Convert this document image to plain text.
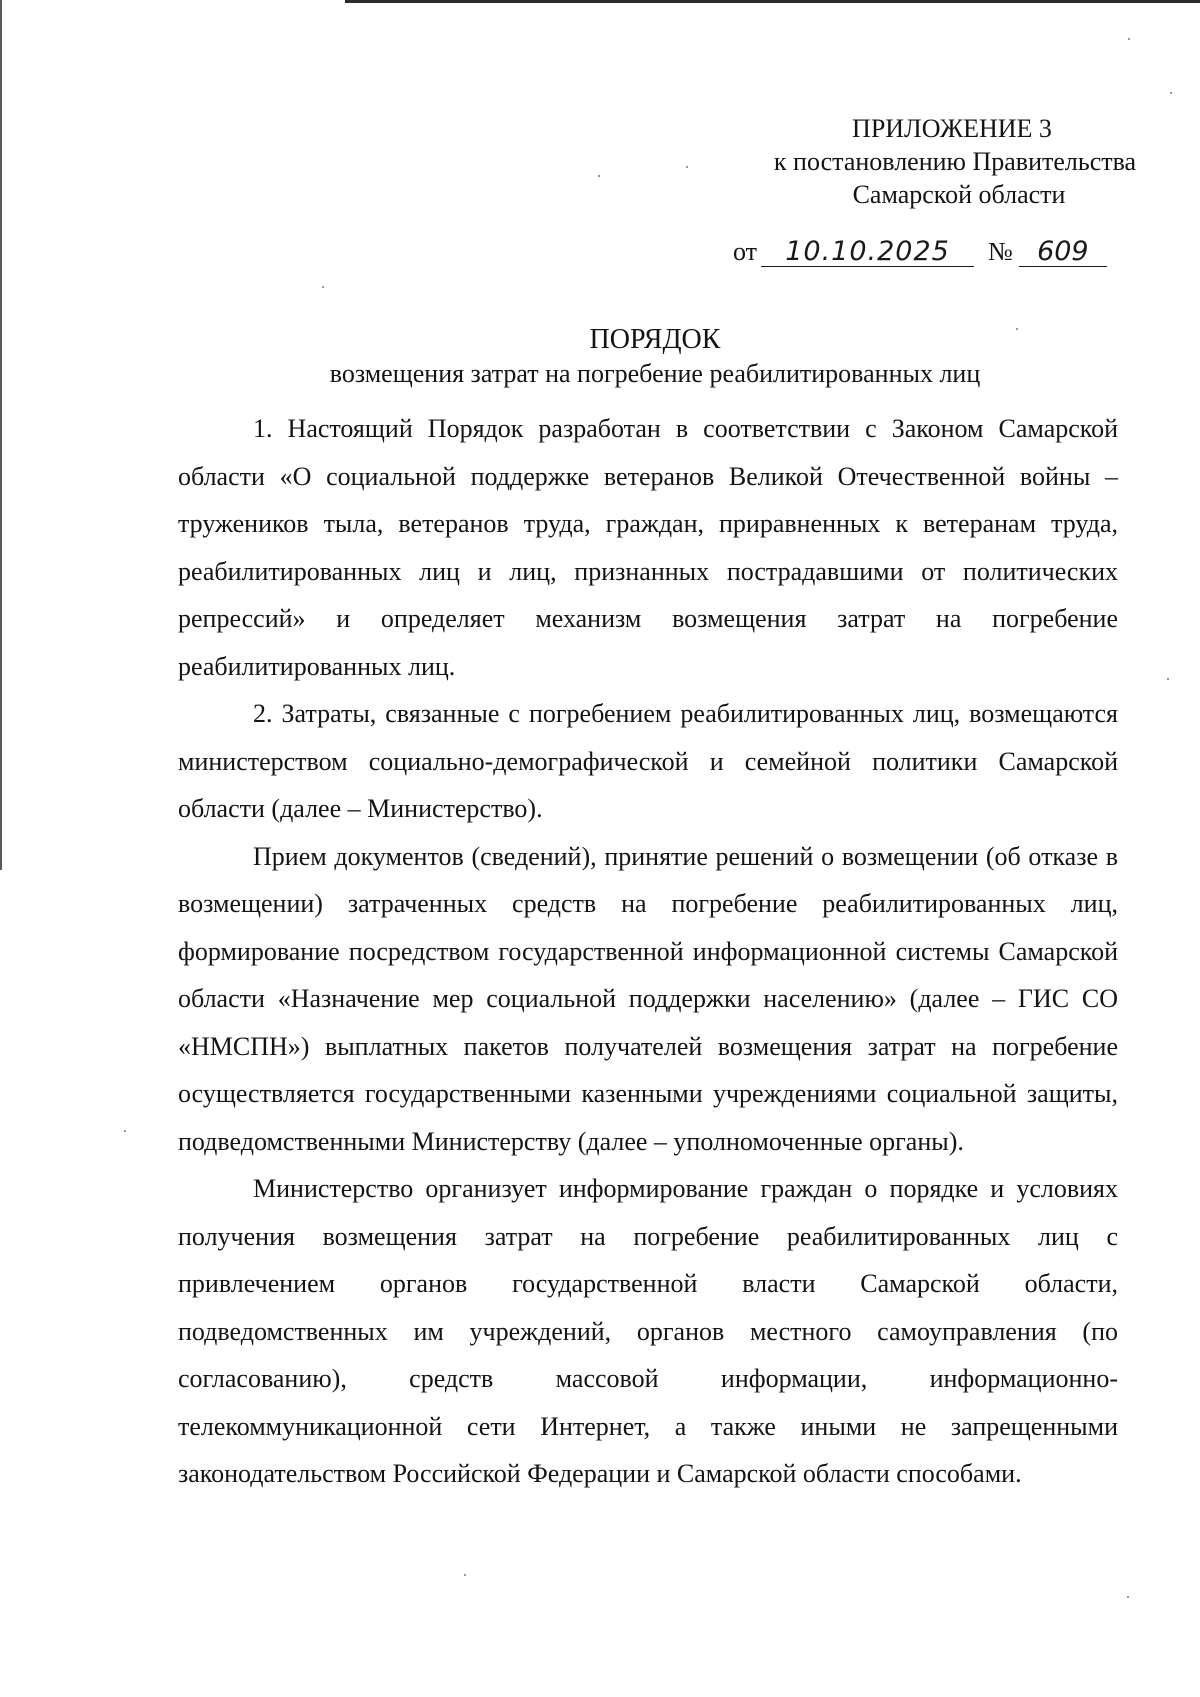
ПРИЛОЖЕНИЕ 3
к постановлению Правительства
Самарской области
от 10.10.2025 № 609
ПОРЯДОК
возмещения затрат на погребение реабилитированных лиц

1. Настоящий Порядок разработан в соответствии с Законом Самарской области «О социальной поддержке ветеранов Великой Отечественной войны – тружеников тыла, ветеранов труда, граждан, приравненных к ветеранам труда, реабилитированных лиц и лиц, признанных пострадавшими от политических репрессий» и определяет механизм возмещения затрат на погребение реабилитированных лиц.

2. Затраты, связанные с погребением реабилитированных лиц, возмещаются министерством социально-демографической и семейной политики Самарской области (далее – Министерство).

Прием документов (сведений), принятие решений о возмещении (об отказе в возмещении) затраченных средств на погребение реабилитированных лиц, формирование посредством государственной информационной системы Самарской области «Назначение мер социальной поддержки населению» (далее – ГИС СО «НМСПН») выплатных пакетов получателей возмещения затрат на погребение осуществляется государственными казенными учреждениями социальной защиты, подведомственными Министерству (далее – уполномоченные органы).

Министерство организует информирование граждан о порядке и условиях получения возмещения затрат на погребение реабилитированных лиц с привлечением органов государственной власти Самарской области, подведомственных им учреждений, органов местного самоуправления (по согласованию), средств массовой информации, информационно-телекоммуникационной сети Интернет, а также иными не запрещенными законодательством Российской Федерации и Самарской области способами.
